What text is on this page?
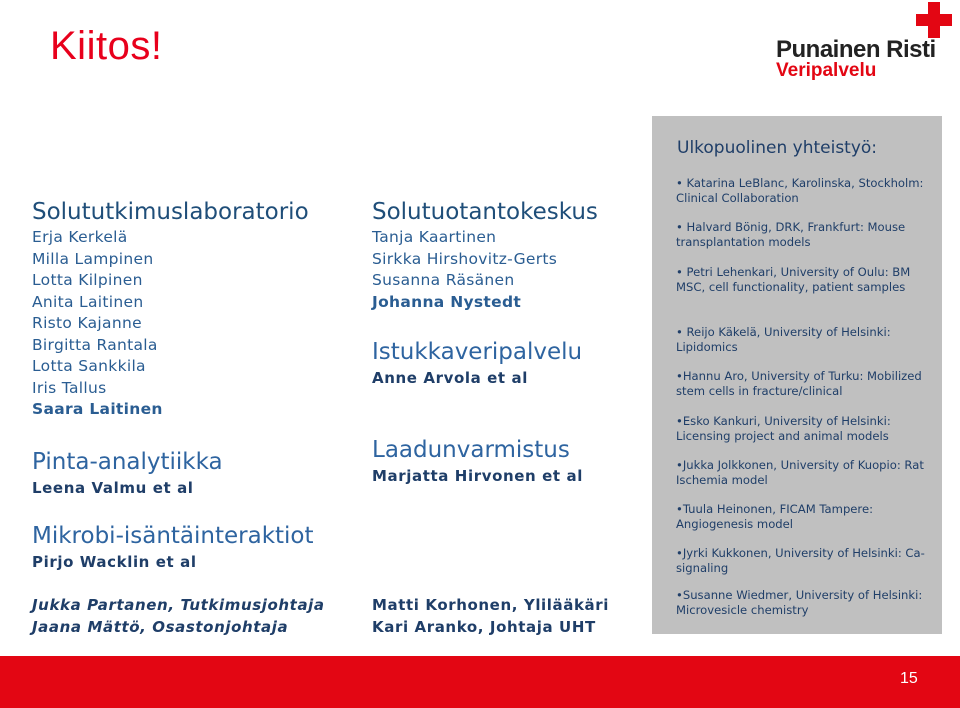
Kiitos!	Punainen Risti
Veripalvelu
Solututkimuslaboratorio
Erja Kerkelä
Milla Lampinen
Lotta Kilpinen
Anita Laitinen
Risto Kajanne
Birgitta Rantala
Lotta Sankkila
Iris Tallus
Saara Laitinen
Pinta-analytiikka
Leena Valmu et al
Mikrobi-isäntäinteraktiot
Pirjo Wacklin et al
Jukka Partanen, Tutkimusjohtaja
Jaana Mättö, Osastonjohtaja
Solutuotantokeskus
Tanja Kaartinen
Sirkka Hirshovitz-Gerts
Susanna Räsänen
Johanna Nystedt
Istukkaveripalvelu
Anne Arvola et al
Laadunvarmistus
Marjatta Hirvonen et al
Matti Korhonen, Ylilääkäri
Kari Aranko, Johtaja UHT
Ulkopuolinen yhteistyö:
• Katarina LeBlanc, Karolinska, Stockholm: Clinical Collaboration
• Halvard Bönig, DRK, Frankfurt: Mouse transplantation models
• Petri Lehenkari, University of Oulu: BM MSC, cell functionality, patient samples
• Reijo Käkelä, University of Helsinki: Lipidomics
•Hannu Aro, University of Turku: Mobilized stem cells in fracture/clinical
•Esko Kankuri, University of Helsinki: Licensing project and animal models
•Jukka Jolkkonen, University of Kuopio: Rat Ischemia model
•Tuula Heinonen, FICAM Tampere: Angiogenesis model
•Jyrki Kukkonen, University of Helsinki: Ca-signaling
•Susanne Wiedmer, University of Helsinki: Microvesicle chemistry
15
